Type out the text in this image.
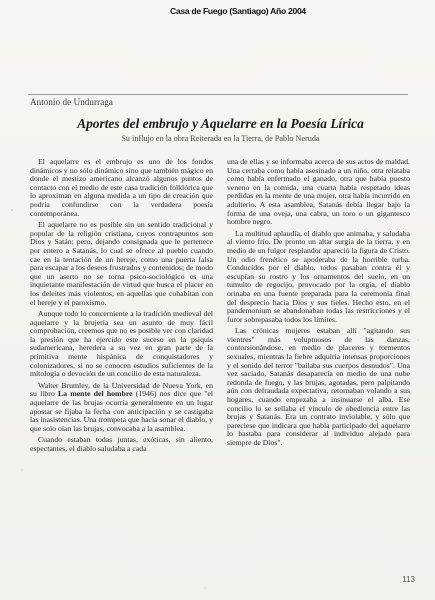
Casa de Fuego (Santiago) Año 2004
Antonio de Undurraga
Aportes del embrujo y Aquelarre en la Poesía Lírica
Su influjo en la obra Reiterada en la Tierra, de Pablo Neruda

El aquelarre es el embrujo es uno de los fondos dinámicos y no sólo dinámico sino que también mágico en donde el mestizo americano alcanzó algunos puntos de contacto con el medio de este casa tradición folklórica que lo aproximan en alguna medida a un tipo de creación que podría confundirse con la verdadera poesía contemporánea.

El aquelarre no es posible sin un sentido tradicional y popular de la religión cristiana, cuyos contrapuntos son Dios y Satán; pero, dejando consignada que le pertenece por entero a Satanás, lo cual se ofrece al pueblo cuando cae en la tentación de un hereje, como una puerta falsa para escapar a los deseos frustrados y contenidos; de modo que un aserto no se torna psico-sociológico es una inquietante manifestación de virtud que busca el placer en los deleites más violentos, en aquellas que cohabitan con el hereje y el paroxismo.

Aunque todo lo concerniente a la tradición medieval del aquelarre y la brujería sea un asunto de muy fácil comprobación, creemos que no es posible ver con claridad la presión que ha ejercido este suceso en la psiquis sudamericana, heredera a su vez en gran parte de la primitiva mente hispánica de conquistadores y colonizadores, si no se conocen estudios suficientes de la mitología o devoción de un concilio de esta naturaleza.

Walter Brumley, de la Universidad de Nueva York, en su libro La mente del hombre (1946) nos dice que "el aquelarre de las brujas ocurría generalmente en un lugar apostar se fijaba la fecha con anticipación y se castigaba las inasistencias. Una trompeta que hacía sonar el diablo, y que solo oían las brujas, convocaba a la asamblea.

Cuando estaban todas juntas, exóticas, sin aliento, espectantes, el diablo saludaba a cada

una de ellas y se informaba acerca de sus actos de maldad. Una cerraba como había asesinado a un niño, otra relataba como había enfermado el ganado, otra que había puesto veneno en la comida, una cuarta había respetado ideas perdidas en la mente de una mujer, otra había incurrido en adulterio. A esta asamblea, Satanás debía llegar bajo la forma de una oveja, una cabra, un toro o un gigantesco hombre negro.

La multitud aplaudía, el diablo que animaba, y saludaba al viento frío. De pronto un altar surgía de la tierra, y en medio de un fulgor resplandor apareció la figura de Cristo. Un odio frenético se apoderaba de la horrible turba. Conducidos por el diablo, todos pasaban contra él y escupían su rostro y los ornamentos del suelo, en un tumulto de regocijo, provocado por la orgía, el diablo orinaba en una fuente preparada para la ceremonia final del desprecio hacia Dios y sus fieles. Hecho esto, en el pandemonium se abandonaban todas las restricciones y el furor sobrepasaba todos los límites.

Las crónicas mujeres estaban allí "agitando sus vientres" más voluptuosos de las danzas, contorsionándose, en medio de placeres y tormentos sexuales, mientras la fiebre adquiría intensas proporciones y el sonido del terror "bailaba sus cuerpos desnudos". Una vez saciado, Satanás desaparecía en medio de una nube redonda de fuego, y las brujas, agotadas, pero palpitando aún con defraudada expectativa, retornaban volando a sus hogares, cuando empezaba a insinuarse el alba. Ese concilio lo se sellaba el vínculo de obediencia entre las brujas y Satanás. Era un contrato inviolable, y sólo que pareciese que indicara que había participado del aquelarre lo bastaba para considerar al individuo alejado para siempre de Dios".

113
